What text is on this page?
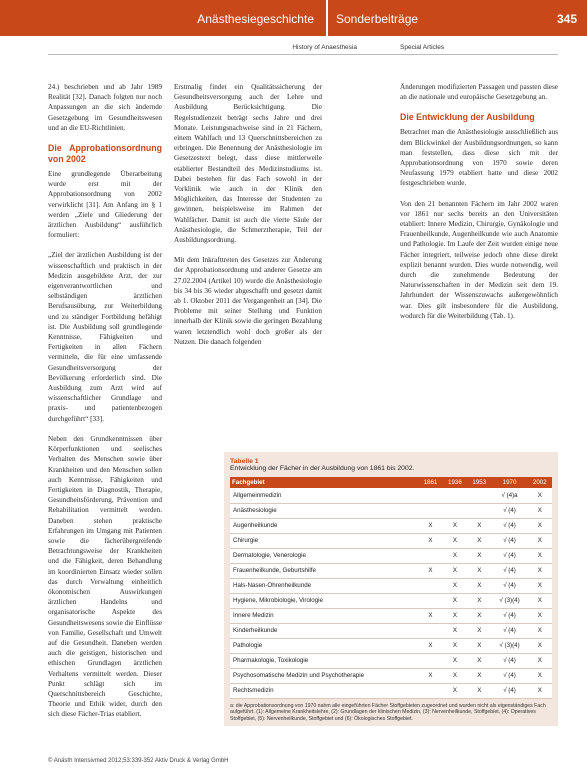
Anästhesiegeschichte Sonderbeiträge	345
History of Anaesthesia	Special Articles

24.) beschrieben und ab Jahr 1989 Realität [32]. Danach folgten nur noch Anpassungen an die sich ändernde Gesetzgebung im Gesundheitswesen und an die EU-Richtlinien.

Die Approbationsordnung von 2002

Eine grundlegende Überarbeitung wurde erst mit der Approbationsordnung von 2002 verwirklicht [31]. Am Anfang im § 1 werden „Ziele und Gliederung der ärztlichen Ausbildung“ ausführlich formuliert:

„Ziel der ärztlichen Ausbildung ist der wissenschaftlich und praktisch in der Medizin ausgebildete Arzt, der zur eigenverantwortlichen und selbständigen ärztlichen Berufsausübung, zur Weiterbildung und zu ständiger Fortbildung befähigt ist. Die Ausbildung soll grundlegende Kenntnisse, Fähigkeiten und Fertigkeiten in allen Fächern vermitteln, die für eine umfassende Gesundheitsversorgung der Bevölkerung erforderlich sind. Die Ausbildung zum Arzt wird auf wissenschaftlicher Grundlage und praxis- und patientenbezogen durchgeführt“ [33].

Neben den Grundkenntnissen über Körperfunktionen und seelisches Verhalten des Menschen sowie über Krankheiten und den Menschen sollen auch Kenntnisse, Fähigkeiten und Fertigkeiten in Diagnostik, Therapie, Gesundheitsförderung, Prävention und Rehabilitation vermittelt werden. Daneben stehen praktische Erfahrungen im Umgang mit Patienten sowie die fächerübergreifende Betrachtungsweise der Krankheiten und die Fähigkeit, deren Behandlung im koordinierten Einsatz wieder sollen das durch Verwaltung einheitlich ökonomischen Auswirkungen ärztlichen Handelns und organisatorische Aspekte des Gesundheitswesens sowie die Einflüsse von Familie, Gesellschaft und Umwelt auf die Gesundheit. Daneben werden auch die geistigen, historischen und ethischen Grundlagen ärztlichen Verhaltens vermittelt werden. Dieser Punkt schlägt sich im Querschnittsbereich Geschichte, Theorie und Ethik wider, durch den sich diese Fächer-Trias etabliert.

Erstmalig findet ein Qualitätssicherung der Gesundheitsversorgung auch der Lehre und Ausbildung Berücksichtigung. Die Regelstudienzeit beträgt sechs Jahre und drei Monate. Leistungsnachweise sind in 21 Fächern, einem Wahlfach und 13 Querschnittsbereichen zu erbringen. Die Benennung der Anästhesiologie im Gesetzestext belegt, dass diese mittlerweile etablierter Bestandteil des Medizinstudiums ist. Dabei bestehen für das Fach sowohl in der Vorklinik wie auch in der Klinik den Möglichkeiten, das Interesse der Studenten zu gewinnen, beispielsweise im Rahmen der Wahlfächer. Damit ist auch die vierte Säule der Anästhesiologie, die Schmerztherapie, Teil der Ausbildungsordnung.

Mit dem Inkrafttreten des Gesetzes zur Änderung der Approbationsordnung und anderer Gesetze am 27.02.2004 (Artikel 10) wurde die Anästhesiologie bis 34 bis 36 wieder abgeschafft und gesetzt damit ab 1. Oktober 2011 der Vergangenheit an [34]. Die Probleme mit seiner Stellung und Funktion innerhalb der Klinik sowie die geringen Bezahlung waren letztendlich wohl doch großer als der Nutzen. Die danach folgenden

Änderungen modifizierten Passagen und passten diese an die nationale und europäische Gesetzgebung an.

Die Entwicklung der Ausbildung

Betrachtet man die Anästhesiologie ausschließlich aus dem Blickwinkel der Ausbildungsordnungen, so kann man feststellen, dass diese sich mit der Approbationsordnung von 1970 sowie deren Neufassung 1979 etabliert hatte und diese 2002 festgeschrieben wurde.

Von den 21 benannten Fächern im Jahr 2002 waren vor 1861 nur sechs bereits an den Universitäten etabliert: Innere Medizin, Chirurgie, Gynäkologie und Frauenheilkunde, Augenheilkunde wie auch Anatomie und Pathologie. Im Laufe der Zeit wurden einige neue Fächer integriert, teilweise jedoch ohne diese direkt explizit benannt wurden. Dies wurde notwendig, weil durch die zunehmende Bedeutung der Naturwissenschaften in der Medizin seit dem 19. Jahrhundert der Wissenszuwachs außergewöhnlich war. Dies gilt insbesondere für die Ausbildung, wodurch für die Weiterbildung (Tab. 1).

Tabelle 1
Entwicklung der Fächer in der Ausbildung von 1861 bis 2002.
Fachgebiet	1861	1936	1953	1970	2002
Allgemeinmedizin				√ (4)a	X
Anästhesiologie				√ (4)	X
Augenheilkunde	X	X	X	√ (4)	X
Chirurgie	X	X	X	√ (4)	X
Dermatologie, Venerologie		X	X	√ (4)	X
Frauenheilkunde, Geburtshilfe	X	X	X	√ (4)	X
Hals-Nasen-Ohrenheilkunde		X	X	√ (4)	X
Hygiene, Mikrobiologie, Virologie		X	X	√ (3)(4)	X
Innere Medizin	X	X	X	√ (4)	X
Kinderheilkunde		X	X	√ (4)	X
Pathologie	X	X	X	√ (3)(4)	X
Pharmakologie, Toxikologie		X	X	√ (4)	X
Psychosomatische Medizin und Psychotherapie	X	X	X	√ (4)	X
Rechtsmedizin		X	X	√ (4)	X
a: die Approbationsordnung von 1970 nahm alle eingeführten Fächer Stoffgebieten zugeordnet und wurden nicht als eigenständiges Fach aufgeführt. (1): Allgemeine Krankheitslehre, (2): Grundlagen der klinischen Medizin, (3): Nervenheilkunde, Stoffgebiet, (4): Operatives Stoffgebiet, (5): Nervenheilkunde, Stoffgebiet und (6): Ökologisches Stoffgebiet.
© Anästh Intensivmed 2012;53:339-352 Aktiv Druck & Verlag GmbH
